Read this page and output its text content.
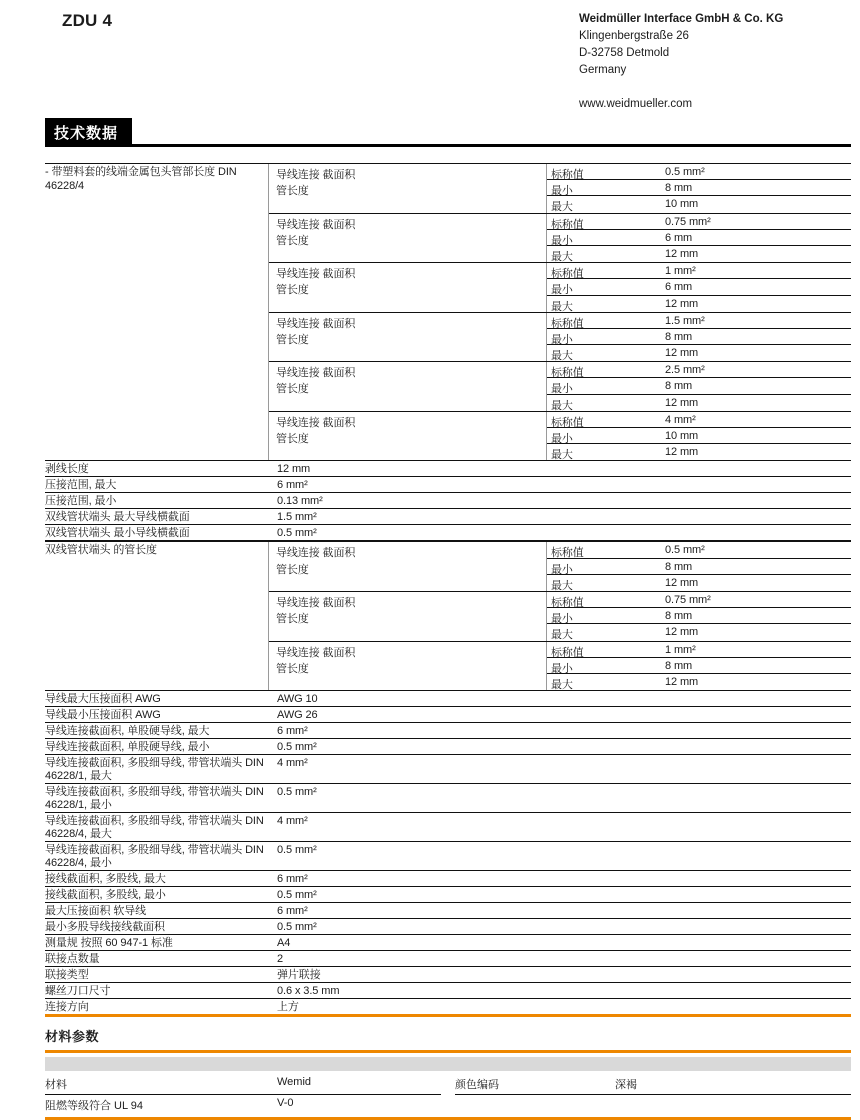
ZDU 4	Weidmüller Interface GmbH & Co. KG
Klingenbergstraße 26
D-32758 Detmold
Germany
www.weidmueller.com
技术数据
- 带塑料套的线端金属包头管部长度 DIN 46228/4
导线连接 截面积
管长度
标称值	0.5 mm²
最小	8 mm
最大	10 mm
导线连接 截面积
管长度
标称值	0.75 mm²
最小	6 mm
最大	12 mm
导线连接 截面积
管长度
标称值	1 mm²
最小	6 mm
最大	12 mm
导线连接 截面积
管长度
标称值	1.5 mm²
最小	8 mm
最大	12 mm
导线连接 截面积
管长度
标称值	2.5 mm²
最小	8 mm
最大	12 mm
导线连接 截面积
管长度
标称值	4 mm²
最小	10 mm
最大	12 mm
剥线长度	12 mm
压接范围, 最大	6 mm²
压接范围, 最小	0.13 mm²
双线管状端头 最大导线横截面	1.5 mm²
双线管状端头 最小导线横截面	0.5 mm²
双线管状端头 的管长度	导线连接 截面积
管长度
标称值	0.5 mm²
最小	8 mm
最大	12 mm
导线连接 截面积
管长度
标称值	0.75 mm²
最小	8 mm
最大	12 mm
导线连接 截面积
管长度
标称值	1 mm²
最小	8 mm
最大	12 mm
导线最大压接面积 AWG	AWG 10
导线最小压接面积 AWG	AWG 26
导线连接截面积, 单股硬导线, 最大	6 mm²
导线连接截面积, 单股硬导线, 最小	0.5 mm²
导线连接截面积, 多股细导线, 带管状端头 DIN 46228/1, 最大
4 mm²
导线连接截面积, 多股细导线, 带管状端头 DIN 46228/1, 最小
0.5 mm²
导线连接截面积, 多股细导线, 带管状端头 DIN 46228/4, 最大
4 mm²
导线连接截面积, 多股细导线, 带管状端头 DIN 46228/4, 最小
0.5 mm²
接线截面积, 多股线, 最大	6 mm²
接线截面积, 多股线, 最小	0.5 mm²
最大压接面积 软导线	6 mm²
最小多股导线接线截面积	0.5 mm²
测量规 按照 60 947-1 标准	A4
联接点数量	2
联接类型	弹片联接
螺丝刀口尺寸	0.6 x 3.5 mm
连接方向	上方
材料参数
材料	Wemid	颜色编码	深褐
阻燃等级符合 UL 94	V-0
